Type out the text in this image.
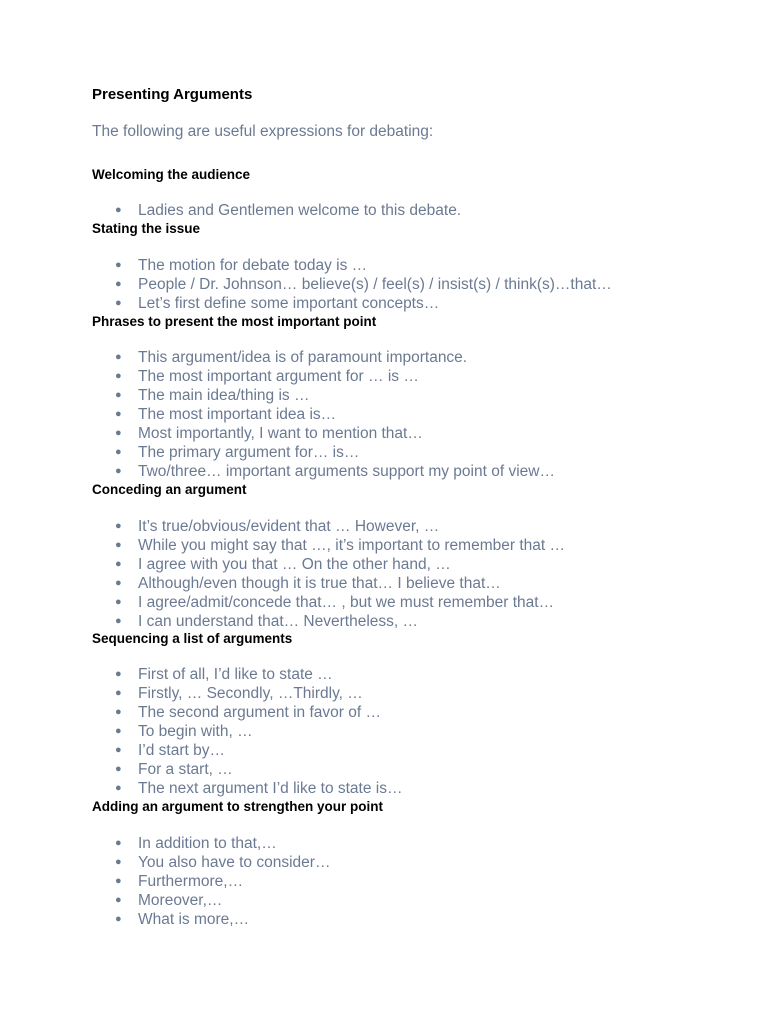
Presenting Arguments

The following are useful expressions for debating:

Welcoming the audience
● Ladies and Gentlemen welcome to this debate.
Stating the issue
● The motion for debate today is …
● People / Dr. Johnson… believe(s) / feel(s) / insist(s) / think(s)…that…
● Let’s first define some important concepts…
Phrases to present the most important point
● This argument/idea is of paramount importance.
● The most important argument for … is …
● The main idea/thing is …
● The most important idea is…
● Most importantly, I want to mention that…
● The primary argument for… is…
● Two/three… important arguments support my point of view…
Conceding an argument
● It’s true/obvious/evident that … However, …
● While you might say that …, it’s important to remember that …
● I agree with you that … On the other hand, …
● Although/even though it is true that… I believe that…
● I agree/admit/concede that… , but we must remember that…
● I can understand that… Nevertheless, …
Sequencing a list of arguments
● First of all, I’d like to state …
● Firstly, … Secondly, …Thirdly, …
● The second argument in favor of …
● To begin with, …
● I’d start by…
● For a start, …
● The next argument I’d like to state is…
Adding an argument to strengthen your point
● In addition to that,…
● You also have to consider…
● Furthermore,…
● Moreover,…
● What is more,…
